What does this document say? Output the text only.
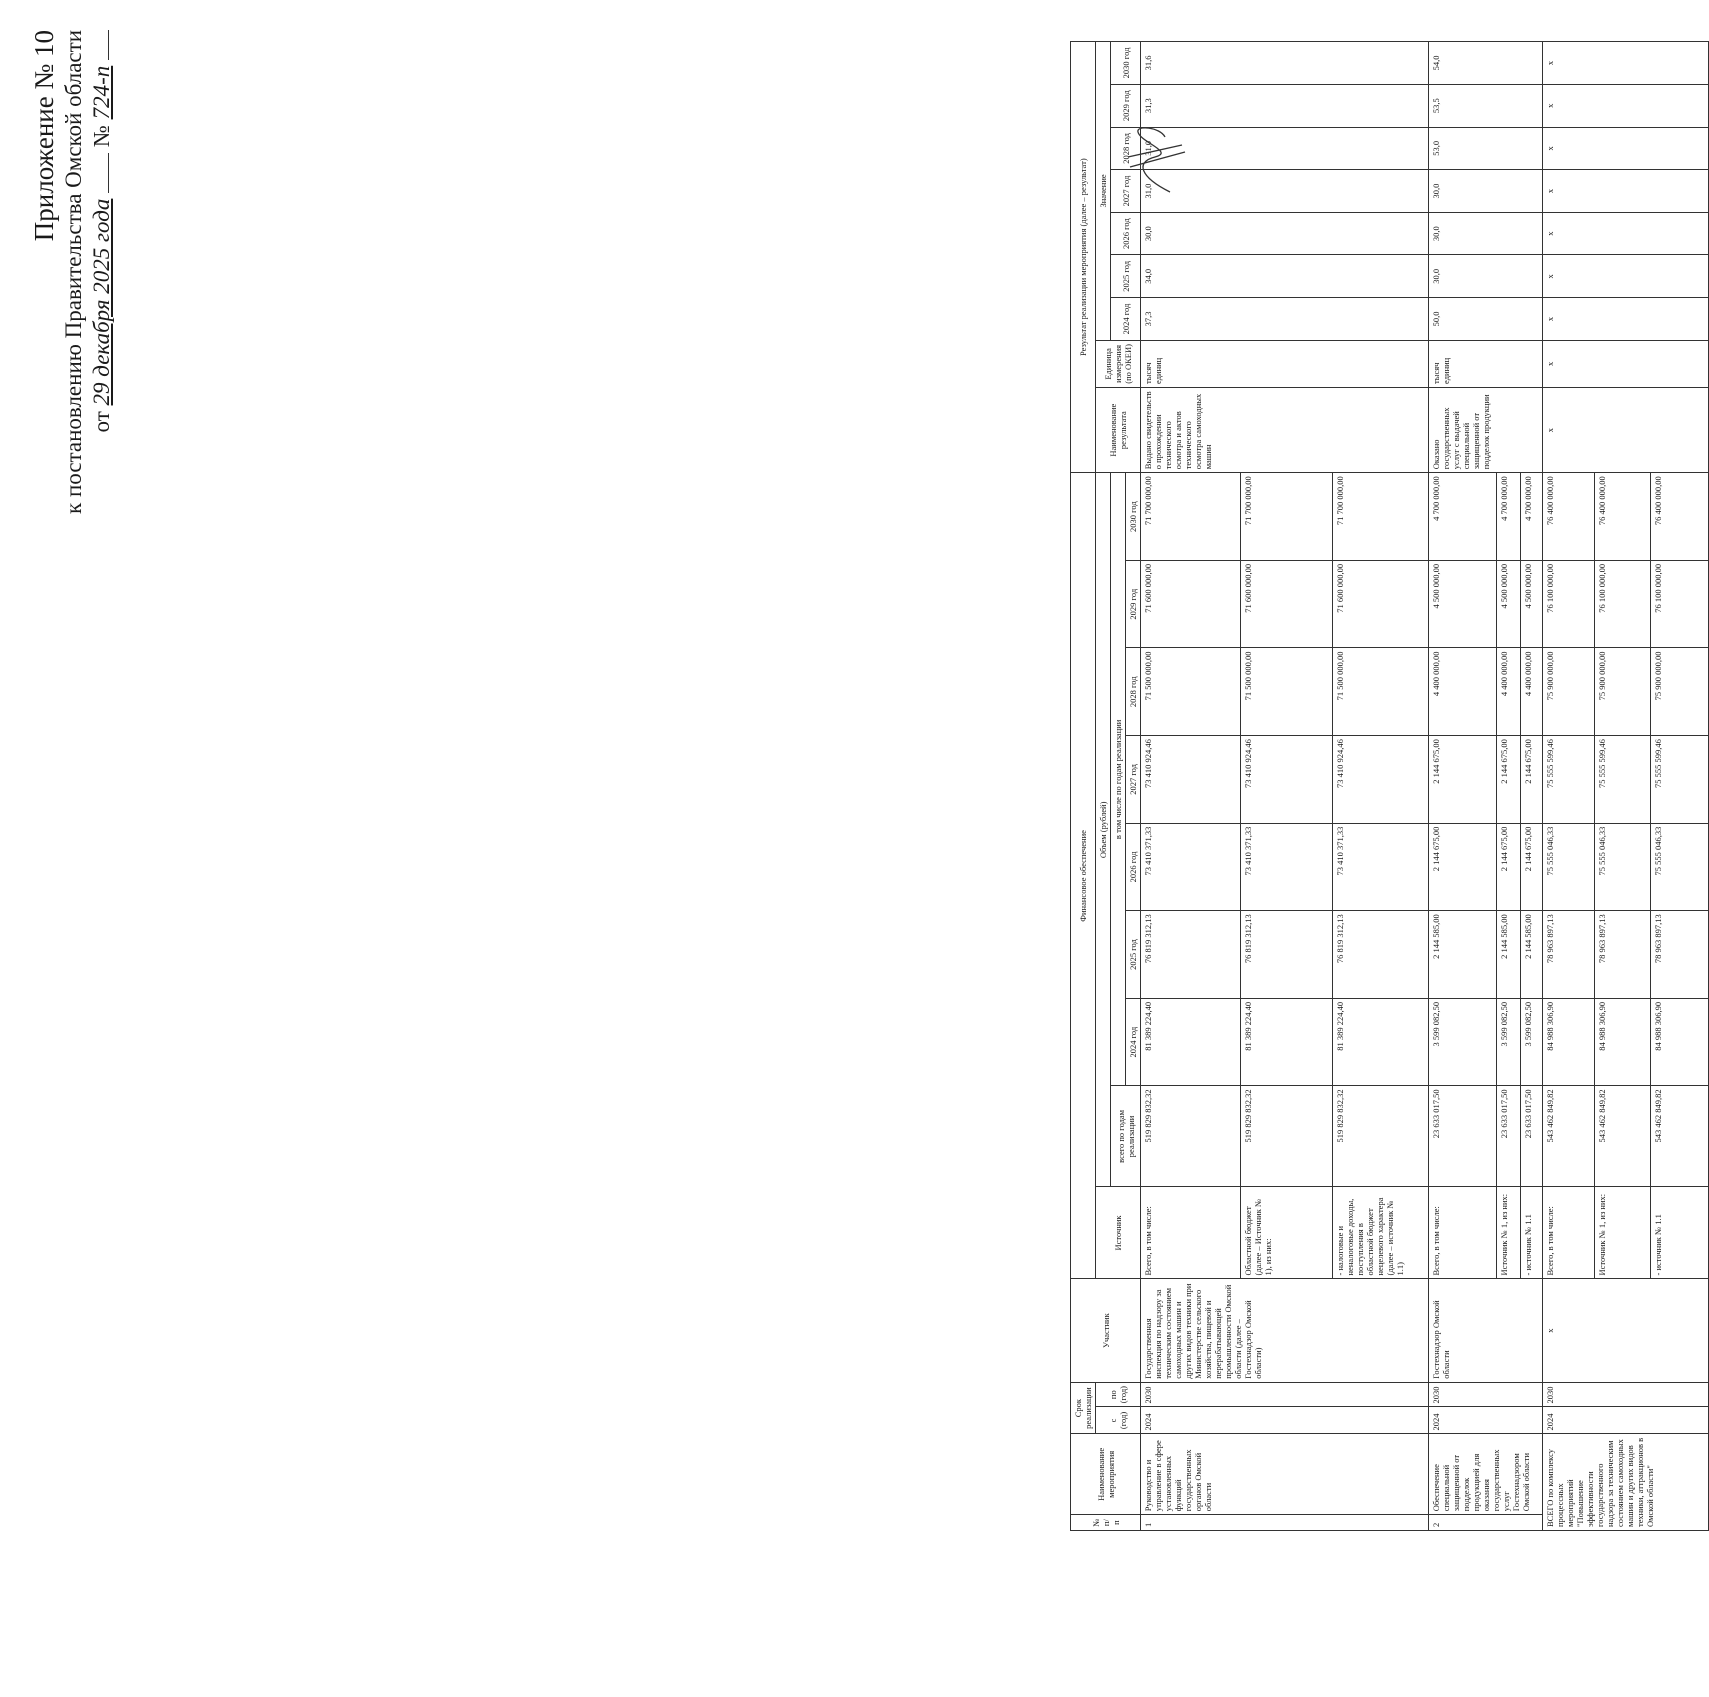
Приложение № 10 к постановлению Правительства Омской области от 29 декабря 2025 года  № 724-п
№ п/п	Наименование мероприятия	Срок реализации		Участник	Финансовое обеспечение									Результат реализации мероприятия (далее – результат)								
		с (год)	по (год)		Источник	Объем (рублей)								Наименование результата	Единица измерения (по ОКЕИ)	Значение						
						всего по годам реализации	в том числе по годам реализации									2024 год	2025 год	2026 год	2027 год	2028 год	2029 год	2030 год
							2024 год	2025 год	2026 год	2027 год	2028 год	2029 год	2030 год									
1	Руководство и управление в сфере установленных функций государственных органов Омской области	2024	2030	Государственная инспекция по надзору за техническим состоянием самоходных машин и других видов техники при Министерстве сельского хозяйства, пищевой и перерабатывающей промышленности Омской области (далее – Гостехнадзор Омской области)	Всего, в том числе:	519 829 832,32	81 389 224,40	76 819 312,13	73 410 371,33	73 410 924,46	71 500 000,00	71 600 000,00	71 700 000,00	Выдано свидетельств о прохождении технического осмотра и актов технического осмотра самоходных машин	тысяч единиц	37,3	34,0	30,0	31,0	31,0	31,3	31,6
					Областной бюджет (далее – Источник № 1), из них:	519 829 832,32	81 389 224,40	76 819 312,13	73 410 371,33	73 410 924,46	71 500 000,00	71 600 000,00	71 700 000,00									
					- налоговые и неналоговые доходы, поступления в областной бюджет нецелевого характера (далее – источник № 1.1)	519 829 832,32	81 389 224,40	76 819 312,13	73 410 371,33	73 410 924,46	71 500 000,00	71 600 000,00	71 700 000,00									
2	Обеспечение специальной защищенной от подделок продукцией для оказания государственных услуг Гостехнадзором Омской области	2024	2030	Гостехнадзор Омской области	Всего, в том числе:	23 633 017,50	3 599 082,50	2 144 585,00	2 144 675,00	2 144 675,00	4 400 000,00	4 500 000,00	4 700 000,00	Оказано государственных услуг с выдачей специальной защищенной от подделок продукции	тысяч единиц	50,0	30,0	30,0	30,0	53,0	53,5	54,0
					Источник № 1, из них:	23 633 017,50	3 599 082,50	2 144 585,00	2 144 675,00	2 144 675,00	4 400 000,00	4 500 000,00	4 700 000,00									
					- источник № 1.1	23 633 017,50	3 599 082,50	2 144 585,00	2 144 675,00	2 144 675,00	4 400 000,00	4 500 000,00	4 700 000,00									
ВСЕГО по комплексу процессных мероприятий "Повышение эффективности государственного надзора за техническим состоянием самоходных машин и других видов техники, аттракционов в Омской области"		2024	2030	x	Всего, в том числе:	543 462 849,82	84 988 306,90	78 963 897,13	75 555 046,33	75 555 599,46	75 900 000,00	76 100 000,00	76 400 000,00	x	x	x	x	x	x	x	x	x
					Источник № 1, из них:	543 462 849,82	84 988 306,90	78 963 897,13	75 555 046,33	75 555 599,46	75 900 000,00	76 100 000,00	76 400 000,00									
					- источник № 1.1	543 462 849,82	84 988 306,90	78 963 897,13	75 555 046,33	75 555 599,46	75 900 000,00	76 100 000,00	76 400 000,00									
